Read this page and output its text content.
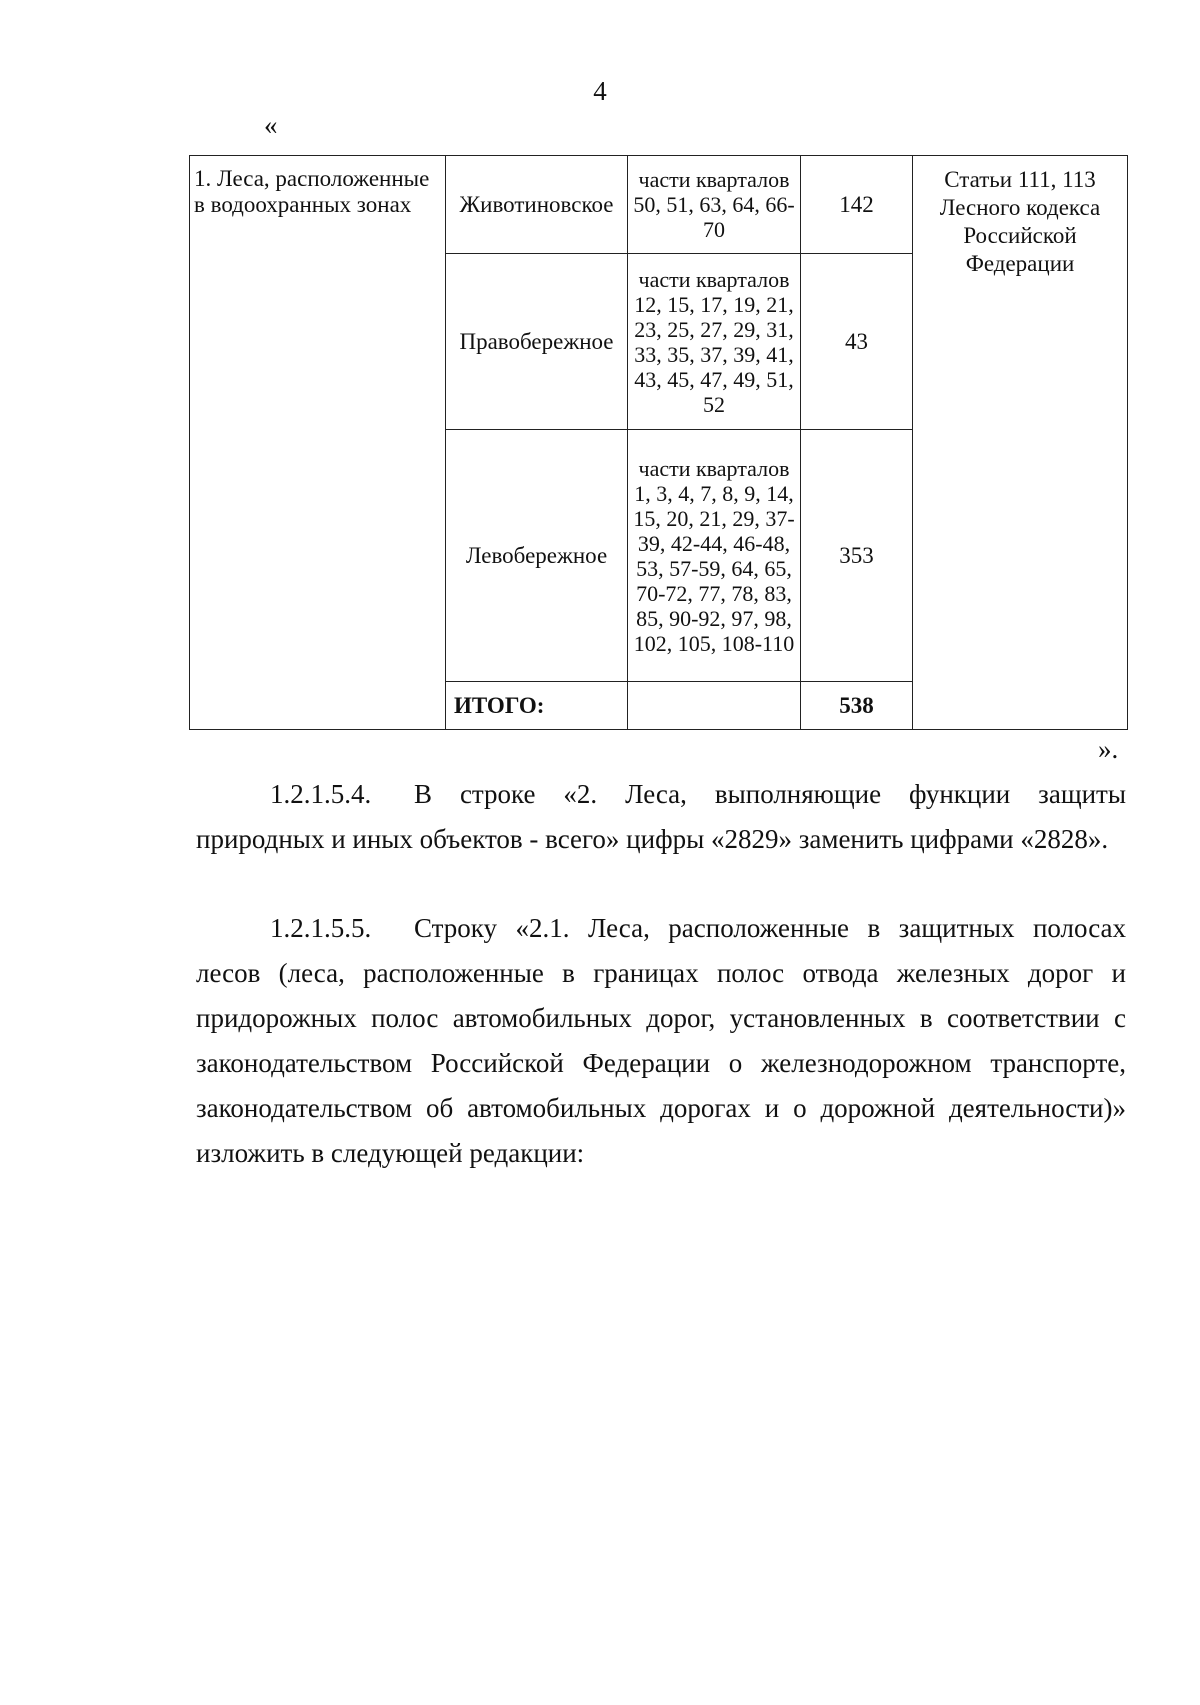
4
«
1. Леса, расположенные в водоохранных зонах	Животиновское	части кварталов 50, 51, 63, 64, 66-70	142	Статьи 111, 113 Лесного кодекса Российской Федерации
	Правобережное	части кварталов 12, 15, 17, 19, 21, 23, 25, 27, 29, 31, 33, 35, 37, 39, 41, 43, 45, 47, 49, 51, 52	43	
	Левобережное	части кварталов 1, 3, 4, 7, 8, 9, 14, 15, 20, 21, 29, 37-39, 42-44, 46-48, 53, 57-59, 64, 65, 70-72, 77, 78, 83, 85, 90-92, 97, 98, 102, 105, 108-110	353	
	ИТОГО:		538	
».

1.2.1.5.4. В строке «2. Леса, выполняющие функции защиты природных и иных объектов - всего» цифры «2829» заменить цифрами «2828».

1.2.1.5.5. Строку «2.1. Леса, расположенные в защитных полосах лесов (леса, расположенные в границах полос отвода железных дорог и придорожных полос автомобильных дорог, установленных в соответствии с законодательством Российской Федерации о железнодорожном транспорте, законодательством об автомобильных дорогах и о дорожной деятельности)» изложить в следующей редакции:
